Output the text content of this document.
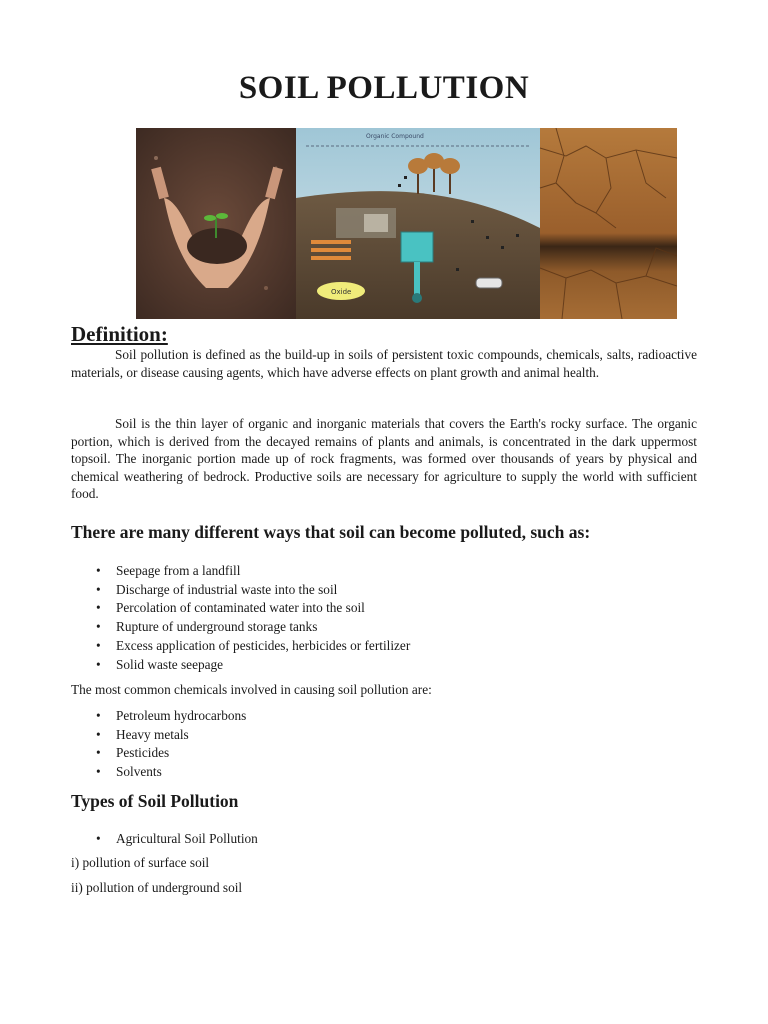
SOIL POLLUTION
Organic Compound
Oxide
Definition:

Soil pollution is defined as the build-up in soils of persistent toxic compounds, chemicals, salts, radioactive materials, or disease causing agents, which have adverse effects on plant growth and animal health.

Soil is the thin layer of organic and inorganic materials that covers the Earth's rocky surface. The organic portion, which is derived from the decayed remains of plants and animals, is concentrated in the dark uppermost topsoil. The inorganic portion made up of rock fragments, was formed over thousands of years by physical and chemical weathering of bedrock. Productive soils are necessary for agriculture to supply the world with sufficient food.

There are many different ways that soil can become polluted, such as:
• Seepage from a landfill
• Discharge of industrial waste into the soil
• Percolation of contaminated water into the soil
• Rupture of underground storage tanks
• Excess application of pesticides, herbicides or fertilizer
• Solid waste seepage

The most common chemicals involved in causing soil pollution are:

• Petroleum hydrocarbons
• Heavy metals
• Pesticides
• Solvents
Types of Soil Pollution
• Agricultural Soil Pollution

i) pollution of surface soil

ii) pollution of underground soil
